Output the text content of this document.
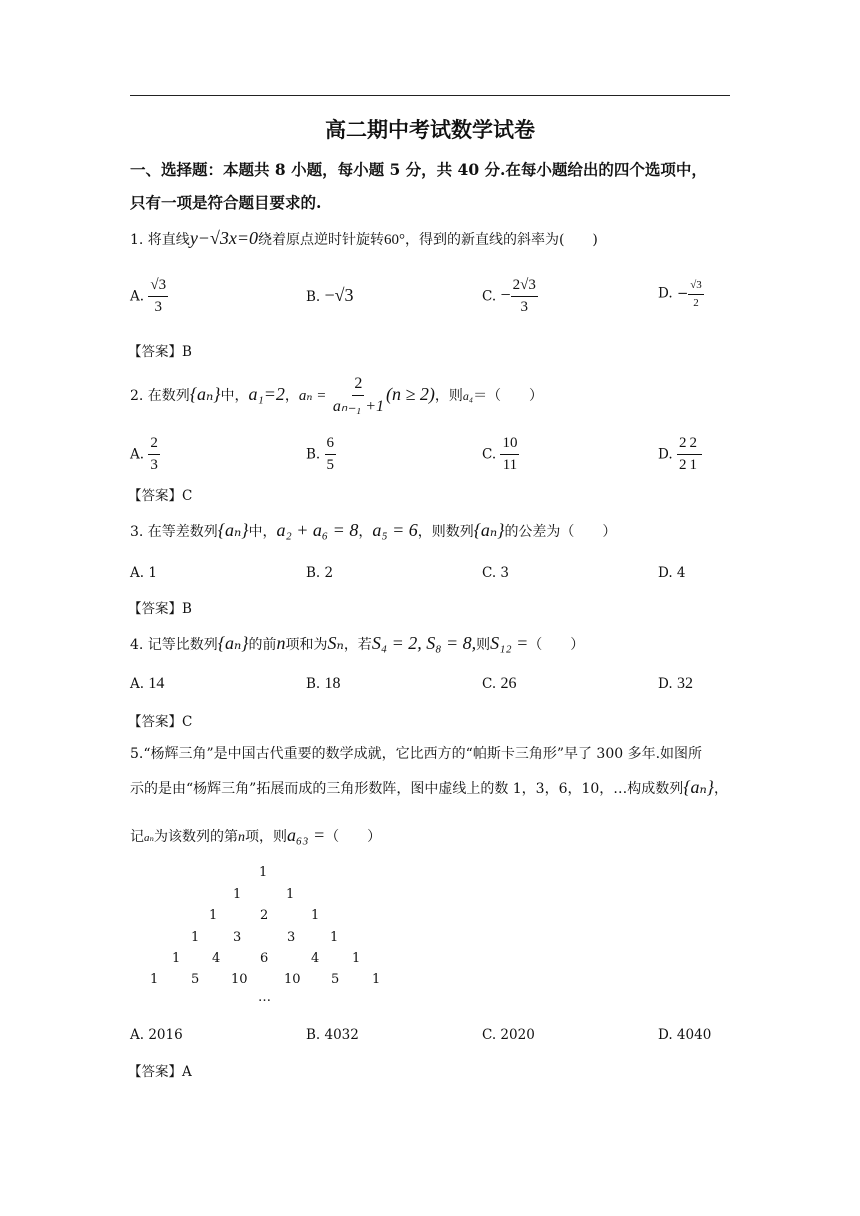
高二期中考试数学试卷
一、选择题：本题共 8 小题，每小题 5 分，共 40 分.在每小题给出的四个选项中，
只有一项是符合题目要求的.
1. 将直线y−√3x=0绕着原点逆时针旋转60°，得到的新直线的斜率为(　　)
A. $\frac{√3}{3}$	B. −√3	C. − $\frac{2√3}{3}$	D. − $\frac{√3}{2}$
【答案】B
2. 在数列{aₙ}中，a₁=2，$a_n = \frac{2}{\text{aₙ₋₁ +1}} (n \ge 2)$，则a₄＝（　　）
A. $\frac{2}{3}$	B. $\frac{6}{5}$	C. $\frac{10}{11}$	D. $\frac{22}{21}$
【答案】C
3. 在等差数列{aₙ}中，a₂ + a₆ = 8，a₅ = 6，则数列{aₙ}的公差为（　　）
A. 1	B. 2	C. 3	D. 4
【答案】B
4. 记等比数列{aₙ}的前n项和为Sₙ，若S₄ = 2, S₈ = 8,则S₁₂ =（　　）
A. 14	B. 18	C. 26	D. 32
【答案】C
5.“杨辉三角”是中国古代重要的数学成就，它比西方的“帕斯卡三角形”早了 300 多年.如图所
示的是由“杨辉三角”拓展而成的三角形数阵，图中虚线上的数 1，3，6，10，…构成数列{aₙ}，
记aₙ为该数列的第n项，则a₆₃ =（　　）
1
1	1
1	2	1
1	3	3	1
1 4	6	4	1
1	5 10	10 5	1
…
A. 2016	B. 4032	C. 2020	D. 4040
【答案】A
